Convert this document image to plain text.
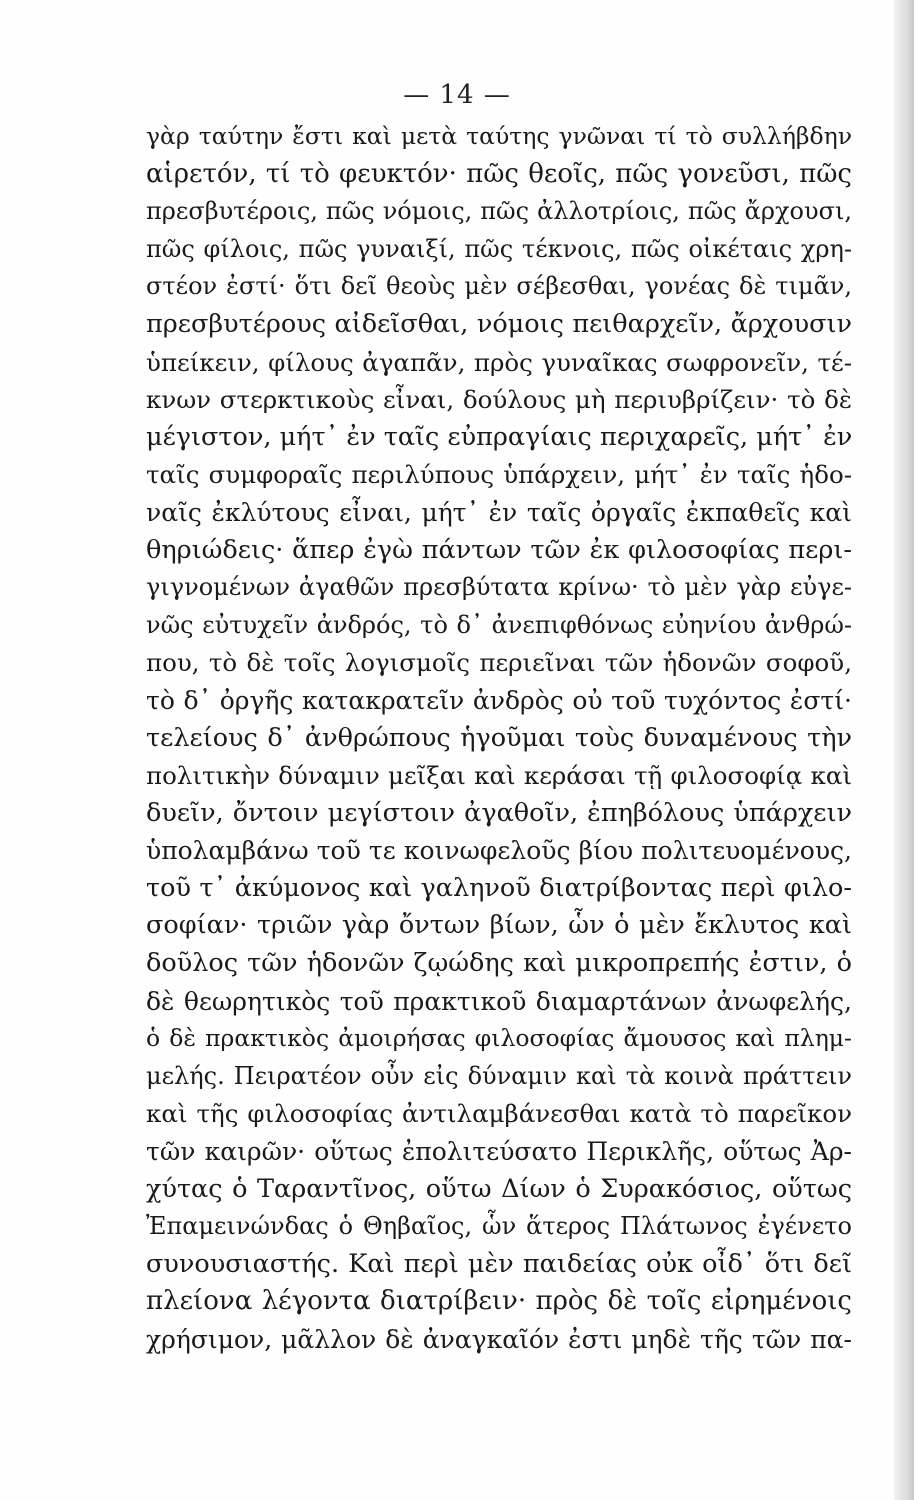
— 14 —
γὰρ ταύτην ἔστι καὶ μετὰ ταύτης γνῶναι τί τὸ συλλήβδην
αἱρετόν, τί τὸ φευκτόν· πῶς θεοῖς, πῶς γονεῦσι, πῶς
πρεσβυτέροις, πῶς νόμοις, πῶς ἀλλοτρίοις, πῶς ἄρχουσι,
πῶς φίλοις, πῶς γυναιξί, πῶς τέκνοις, πῶς οἰκέταις χρη-
στέον ἐστί· ὅτι δεῖ θεοὺς μὲν σέβεσθαι, γονέας δὲ τιμᾶν,
πρεσβυτέρους αἰδεῖσθαι, νόμοις πειθαρχεῖν, ἄρχουσιν
ὑπείκειν, φίλους ἀγαπᾶν, πρὸς γυναῖκας σωφρονεῖν, τέ-
κνων στερκτικοὺς εἶναι, δούλους μὴ περιυβρίζειν· τὸ δὲ
μέγιστον, μήτ᾽ ἐν ταῖς εὐπραγίαις περιχαρεῖς, μήτ᾽ ἐν
ταῖς συμφοραῖς περιλύπους ὑπάρχειν, μήτ᾽ ἐν ταῖς ἡδο-
ναῖς ἐκλύτους εἶναι, μήτ᾽ ἐν ταῖς ὀργαῖς ἐκπαθεῖς καὶ
θηριώδεις· ἅπερ ἐγὼ πάντων τῶν ἐκ φιλοσοφίας περι-
γιγνομένων ἀγαθῶν πρεσβύτατα κρίνω· τὸ μὲν γὰρ εὐγε-
νῶς εὐτυχεῖν ἀνδρός, τὸ δ᾽ ἀνεπιφθόνως εὐηνίου ἀνθρώ-
που, τὸ δὲ τοῖς λογισμοῖς περιεῖναι τῶν ἡδονῶν σοφοῦ,
τὸ δ᾽ ὀργῆς κατακρατεῖν ἀνδρὸς οὐ τοῦ τυχόντος ἐστί·
τελείους δ᾽ ἀνθρώπους ἡγοῦμαι τοὺς δυναμένους τὴν
πολιτικὴν δύναμιν μεῖξαι καὶ κεράσαι τῇ φιλοσοφίᾳ καὶ
δυεῖν, ὄντοιν μεγίστοιν ἀγαθοῖν, ἐπηβόλους ὑπάρχειν
ὑπολαμβάνω τοῦ τε κοινωφελοῦς βίου πολιτευομένους,
τοῦ τ᾽ ἀκύμονος καὶ γαληνοῦ διατρίβοντας περὶ φιλο-
σοφίαν· τριῶν γὰρ ὄντων βίων, ὧν ὁ μὲν ἔκλυτος καὶ
δοῦλος τῶν ἡδονῶν ζῳώδης καὶ μικροπρεπής ἐστιν, ὁ
δὲ θεωρητικὸς τοῦ πρακτικοῦ διαμαρτάνων ἀνωφελής,
ὁ δὲ πρακτικὸς ἀμοιρήσας φιλοσοφίας ἄμουσος καὶ πλημ-
μελής. Πειρατέον οὖν εἰς δύναμιν καὶ τὰ κοινὰ πράττειν
καὶ τῆς φιλοσοφίας ἀντιλαμβάνεσθαι κατὰ τὸ παρεῖκον
τῶν καιρῶν· οὕτως ἐπολιτεύσατο Περικλῆς, οὕτως Ἀρ-
χύτας ὁ Ταραντῖνος, οὕτω Δίων ὁ Συρακόσιος, οὕτως
Ἐπαμεινώνδας ὁ Θηβαῖος, ὧν ἅτερος Πλάτωνος ἐγένετο
συνουσιαστής. Καὶ περὶ μὲν παιδείας οὐκ οἶδ᾽ ὅτι δεῖ
πλείονα λέγοντα διατρίβειν· πρὸς δὲ τοῖς εἰρημένοις
χρήσιμον, μᾶλλον δὲ ἀναγκαῖόν ἐστι μηδὲ τῆς τῶν πα-
